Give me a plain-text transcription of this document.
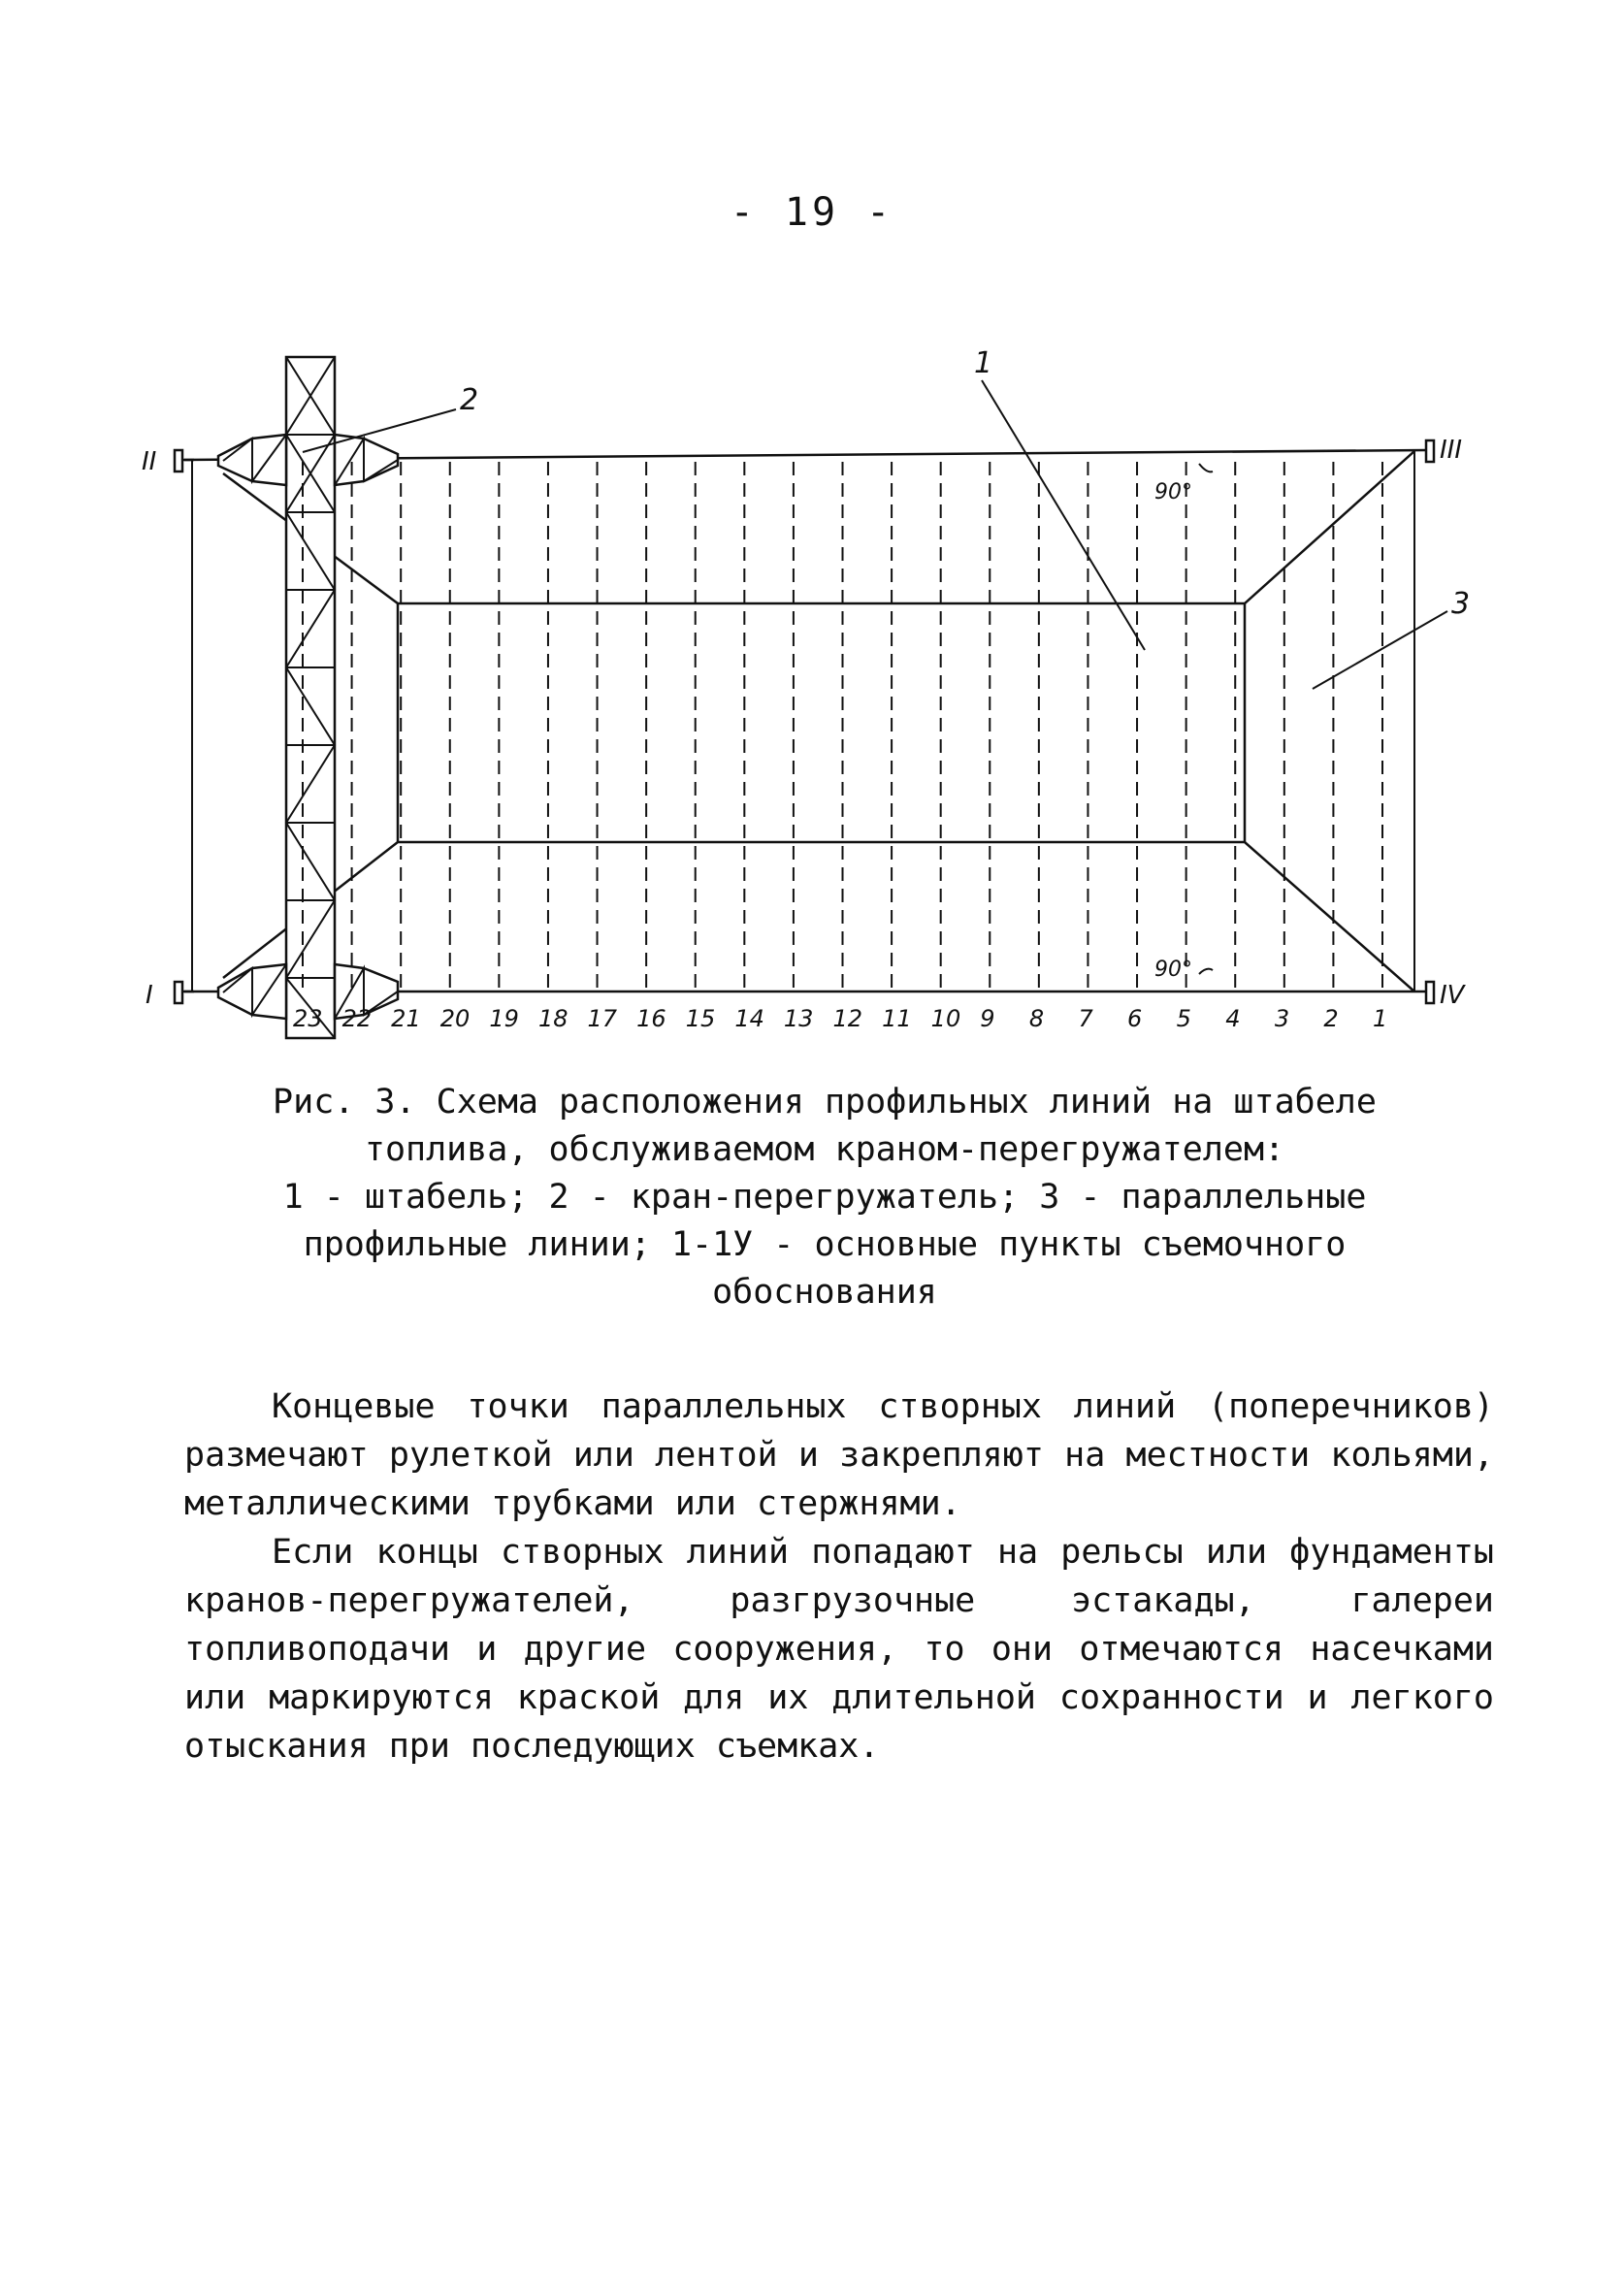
- 19 -
1
2
3
II
I
III
IV
90°
90°
23 22 21 20 19 18 17 16 15 14 13 12 11 10 9 8 7 6 5 4 3 2 1

Рис. 3. Схема расположения профильных линий на штабеле

топлива, обслуживаемом краном-перегружателем:

1 - штабель; 2 - кран-перегружатель; 3 - параллельные

профильные линии; 1-1У - основные пункты съемочного

обоснования

Концевые точки параллельных створных линий (поперечников) размечают рулеткой или лентой и закрепляют на местности кольями, металлическими трубками или стержнями.

Если концы створных линий попадают на рельсы или фундаменты кранов-перегружателей, разгрузочные эстакады, галереи топливоподачи и другие сооружения, то они отмечаются насечками или маркируются краской для их длительной сохранности и легкого отыскания при последующих съемках.
